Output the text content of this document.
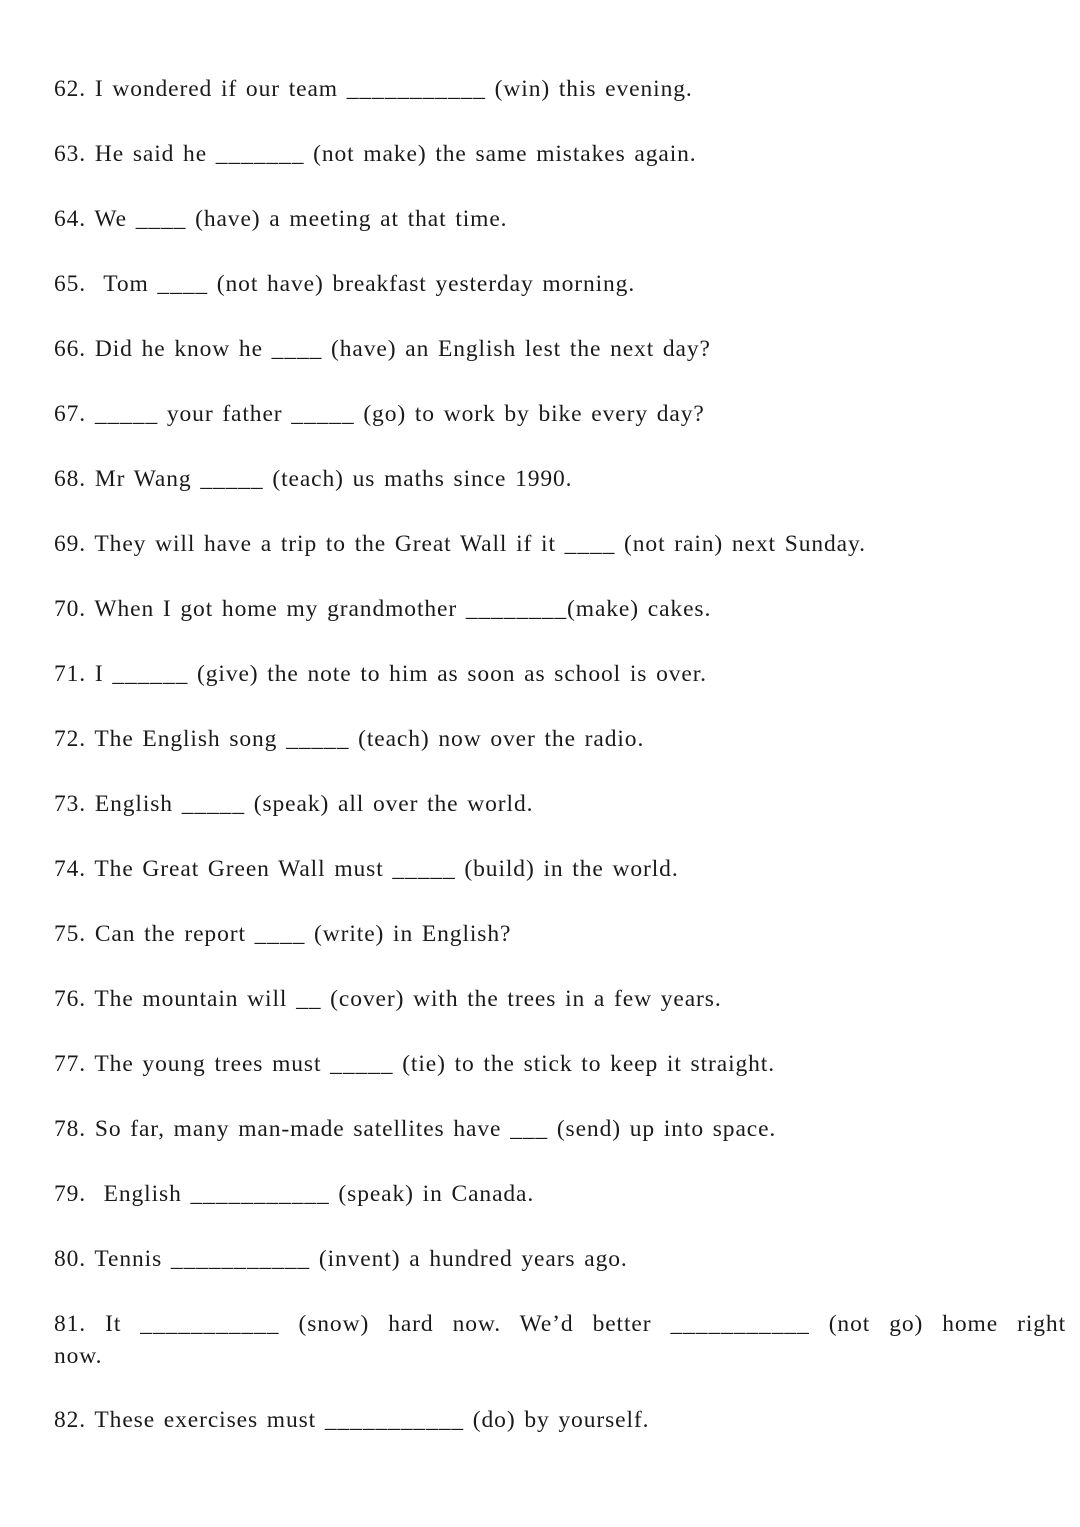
62. I wondered if our team ___________ (win) this evening.
63. He said he _______ (not make) the same mistakes again.
64. We ____ (have) a meeting at that time.
65.  Tom ____ (not have) breakfast yesterday morning.
66. Did he know he ____ (have) an English lest the next day?
67. _____ your father _____ (go) to work by bike every day?
68. Mr Wang _____ (teach) us maths since 1990.
69. They will have a trip to the Great Wall if it ____ (not rain) next Sunday.
70. When I got home my grandmother ________(make) cakes.
71. I ______ (give) the note to him as soon as school is over.
72. The English song _____ (teach) now over the radio.
73. English _____ (speak) all over the world.
74. The Great Green Wall must _____ (build) in the world.
75. Can the report ____ (write) in English?
76. The mountain will __ (cover) with the trees in a few years.
77. The young trees must _____ (tie) to the stick to keep it straight.
78. So far, many man-made satellites have ___ (send) up into space.
79.  English ___________ (speak) in Canada.
80. Tennis ___________ (invent) a hundred years ago.
81. It ___________ (snow) hard now. We’d better ___________ (not go) home right
now.
82. These exercises must ___________ (do) by yourself.
